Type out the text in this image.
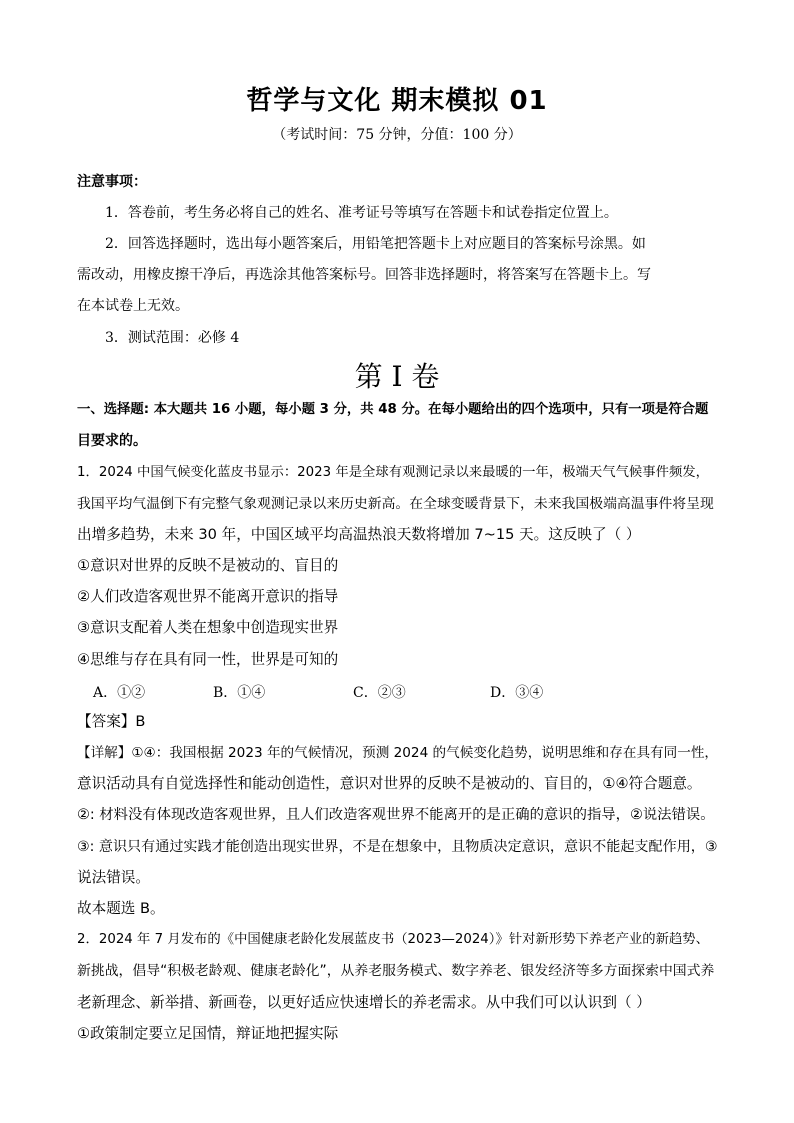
哲学与文化 期末模拟 01
（考试时间：75 分钟，分值：100 分）
注意事项：
1．答卷前，考生务必将自己的姓名、准考证号等填写在答题卡和试卷指定位置上。
2．回答选择题时，选出每小题答案后，用铅笔把答题卡上对应题目的答案标号涂黑。如
需改动，用橡皮擦干净后，再选涂其他答案标号。回答非选择题时，将答案写在答题卡上。写
在本试卷上无效。
3．测试范围：必修 4
第 I 卷
一、选择题: 本大题共 16 小题，每小题 3 分，共 48 分。在每小题给出的四个选项中，只有一项是符合题
目要求的。
1．2024 中国气候变化蓝皮书显示：2023 年是全球有观测记录以来最暖的一年，极端天气气候事件频发，
我国平均气温倒下有完整气象观测记录以来历史新高。在全球变暖背景下，未来我国极端高温事件将呈现
出增多趋势，未来 30 年，中国区域平均高温热浪天数将增加 7~15 天。这反映了（ ）
①意识对世界的反映不是被动的、盲目的
②人们改造客观世界不能离开意识的指导
③意识支配着人类在想象中创造现实世界
④思维与存在具有同一性，世界是可知的
A．①②	B．①④	C．②③	D．③④
【答案】B
【详解】①④：我国根据 2023 年的气候情况，预测 2024 的气候变化趋势，说明思维和存在具有同一性，
意识活动具有自觉选择性和能动创造性，意识对世界的反映不是被动的、盲目的，①④符合题意。
②: 材料没有体现改造客观世界，且人们改造客观世界不能离开的是正确的意识的指导，②说法错误。
③: 意识只有通过实践才能创造出现实世界，不是在想象中，且物质决定意识，意识不能起支配作用，③
说法错误。
故本题选 B。
2．2024 年 7 月发布的《中国健康老龄化发展蓝皮书（2023—2024）》针对新形势下养老产业的新趋势、
新挑战，倡导“积极老龄观、健康老龄化”，从养老服务模式、数字养老、银发经济等多方面探索中国式养
老新理念、新举措、新画卷，以更好适应快速增长的养老需求。从中我们可以认识到（ ）
①政策制定要立足国情，辩证地把握实际
